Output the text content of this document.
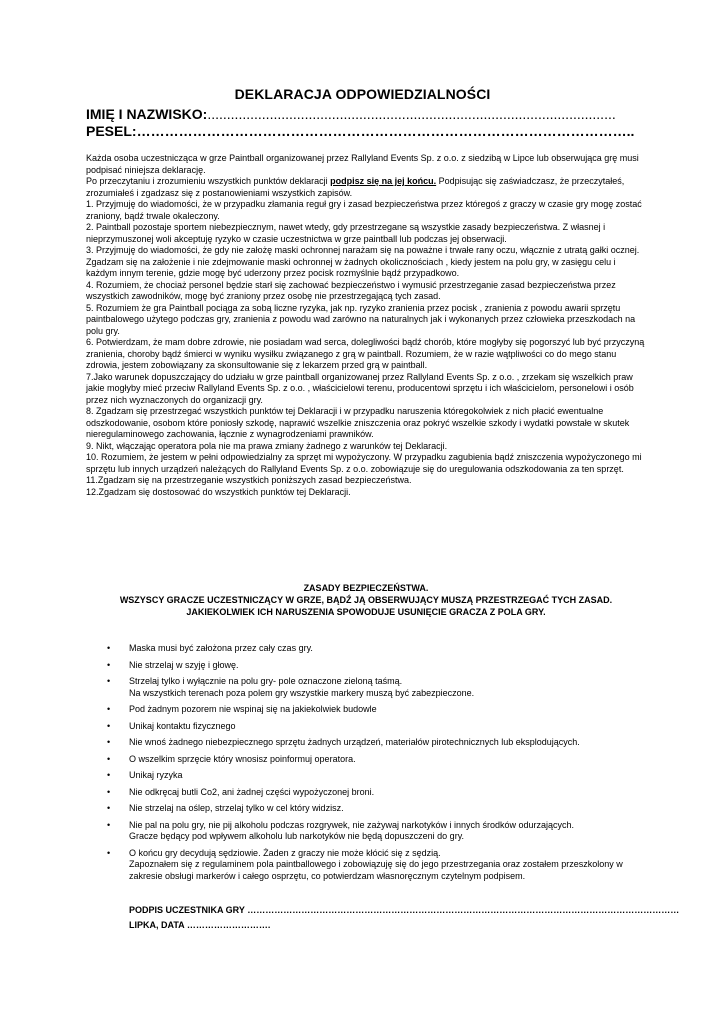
DEKLARACJA ODPOWIEDZIALNOŚCI
IMIĘ I NAZWISKO:.........................................................................................................
PESEL:……………………………………………………………………………………………..

Każda osoba uczestnicząca w grze Paintball organizowanej przez Rallyland Events Sp. z o.o. z siedzibą w Lipce lub obserwująca grę musi podpisać niniejsza deklarację.

Po przeczytaniu i zrozumieniu wszystkich punktów deklaracji podpisz się na jej końcu. Podpisując się zaświadczasz, że przeczytałeś, zrozumiałeś i zgadzasz się z postanowieniami wszystkich zapisów.

1. Przyjmuję do wiadomości, że w przypadku złamania reguł gry i zasad bezpieczeństwa przez któregoś z graczy w czasie gry mogę zostać zraniony, bądź trwale okaleczony.

2. Paintball pozostaje sportem niebezpiecznym, nawet wtedy, gdy przestrzegane są wszystkie zasady bezpieczeństwa. Z własnej i nieprzymuszonej woli akceptuję ryzyko w czasie uczestnictwa w grze paintball lub podczas jej obserwacji.

3. Przyjmuję do wiadomości, że gdy nie założę maski ochronnej narażam się na poważne i trwałe rany oczu, włącznie z utratą gałki ocznej. Zgadzam się na założenie i nie zdejmowanie maski ochronnej w żadnych okolicznościach , kiedy jestem na polu gry, w zasięgu celu i każdym innym terenie, gdzie mogę być uderzony przez pocisk rozmyślnie bądź przypadkowo.

4. Rozumiem, że chociaż personel będzie starł się zachować bezpieczeństwo i wymusić przestrzeganie zasad bezpieczeństwa przez wszystkich zawodników, mogę być zraniony przez osobę nie przestrzegającą tych zasad.

5. Rozumiem że gra Paintball pociąga za sobą liczne ryzyka, jak np. ryzyko zranienia przez pocisk , zranienia z powodu awarii sprzętu paintbalowego użytego podczas gry, zranienia z powodu wad zarówno na naturalnych jak i wykonanych przez człowieka przeszkodach na polu gry.

6. Potwierdzam, że mam dobre zdrowie, nie posiadam wad serca, dolegliwości bądź chorób, które mogłyby się pogorszyć lub być przyczyną zranienia, choroby bądź śmierci w wyniku wysiłku związanego z grą w paintball. Rozumiem, że w razie wątpliwości co do mego stanu zdrowia, jestem zobowiązany za skonsultowanie się z lekarzem przed grą w paintball.

7.Jako warunek dopuszczający do udziału w grze paintball organizowanej przez Rallyland Events Sp. z o.o. , zrzekam się wszelkich praw jakie mogłyby mieć przeciw Rallyland Events Sp. z o.o. , właścicielowi terenu, producentowi sprzętu i ich właścicielom, personelowi i osób przez nich wyznaczonych do organizacji gry.

8. Zgadzam się przestrzegać wszystkich punktów tej Deklaracji i w przypadku naruszenia któregokolwiek z nich płacić ewentualne odszkodowanie, osobom które poniosły szkodę, naprawić wszelkie zniszczenia oraz pokryć wszelkie szkody i wydatki powstałe w skutek nieregulaminowego zachowania, łącznie z wynagrodzeniami prawników.

9. Nikt, włączając operatora pola nie ma prawa zmiany żadnego z warunków tej Deklaracji.

10. Rozumiem, że jestem w pełni odpowiedzialny za sprzęt mi wypożyczony. W przypadku zagubienia bądź zniszczenia wypożyczonego mi sprzętu lub innych urządzeń należących do Rallyland Events Sp. z o.o. zobowiązuje się do uregulowania odszkodowania za ten sprzęt.

11.Zgadzam się na przestrzeganie wszystkich poniższych zasad bezpieczeństwa.

12.Zgadzam się dostosować do wszystkich punktów tej Deklaracji.

ZASADY BEZPIECZEŃSTWA.
WSZYSCY GRACZE UCZESTNICZĄCY W GRZE, BĄDŹ JĄ OBSERWUJĄCY MUSZĄ PRZESTRZEGAĆ TYCH ZASAD.
JAKIEKOLWIEK ICH NARUSZENIA SPOWODUJE USUNIĘCIE GRACZA Z POLA GRY.
• Maska musi być założona przez cały czas gry.
• Nie strzelaj w szyję i głowę.
• Strzelaj tylko i wyłącznie na polu gry- pole oznaczone zieloną taśmą.
Na wszystkich terenach poza polem gry wszystkie markery muszą być zabezpieczone.
• Pod żadnym pozorem nie wspinaj się na jakiekolwiek budowle
• Unikaj kontaktu fizycznego
• Nie wnoś żadnego niebezpiecznego sprzętu żadnych urządzeń, materiałów pirotechnicznych lub eksplodujących.
• O wszelkim sprzęcie który wnosisz poinformuj operatora.
• Unikaj ryzyka
• Nie odkręcaj butli Co2, ani żadnej części wypożyczonej broni.
• Nie strzelaj na oślep, strzelaj tylko w cel który widzisz.
• Nie pal na polu gry, nie pij alkoholu podczas rozgrywek, nie zażywaj narkotyków i innych środków odurzających.
Gracze będący pod wpływem alkoholu lub narkotyków nie będą dopuszczeni do gry.
• O końcu gry decydują sędziowie. Żaden z graczy nie może kłócić się z sędzią.
Zapoznałem się z regulaminem pola paintballowego i zobowiązuję się do jego przestrzegania oraz zostałem przeszkolony w zakresie obsługi markerów i całego osprzętu, co potwierdzam własnoręcznym czytelnym podpisem.
PODPIS UCZESTNIKA GRY ………………………………………………………………………………………………………………………………
LIPKA, DATA ……………………….
